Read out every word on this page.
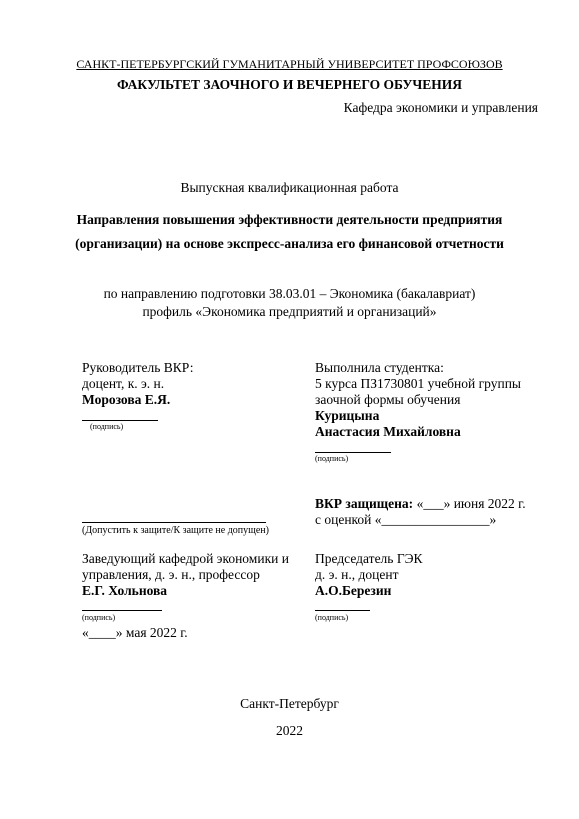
САНКТ-ПЕТЕРБУРГСКИЙ ГУМАНИТАРНЫЙ УНИВЕРСИТЕТ ПРОФСОЮЗОВ
ФАКУЛЬТЕТ ЗАОЧНОГО И ВЕЧЕРНЕГО ОБУЧЕНИЯ
Кафедра экономики и управления
Выпускная квалификационная работа
Направления повышения эффективности деятельности предприятия
(организации) на основе экспресс-анализа его финансовой отчетности
по направлению подготовки 38.03.01 – Экономика (бакалавриат)
профиль «Экономика предприятий и организаций»
Руководитель ВКР:
доцент, к. э. н.
Морозова Е.Я.
(подпись)
Выполнила студентка:
5 курса ПЗ1730801 учебной группы
заочной формы обучения
Курицына
Анастасия Михайловна
(подпись)
ВКР защищена: «___» июня 2022 г.
с оценкой «________________»
(Допустить к защите/К защите не допущен)
Заведующий кафедрой экономики и
управления, д. э. н., профессор
Е.Г. Хольнова
(подпись)
«____» мая 2022 г.
Председатель ГЭК
д. э. н., доцент
А.О.Березин
(подпись)
Санкт-Петербург
2022
